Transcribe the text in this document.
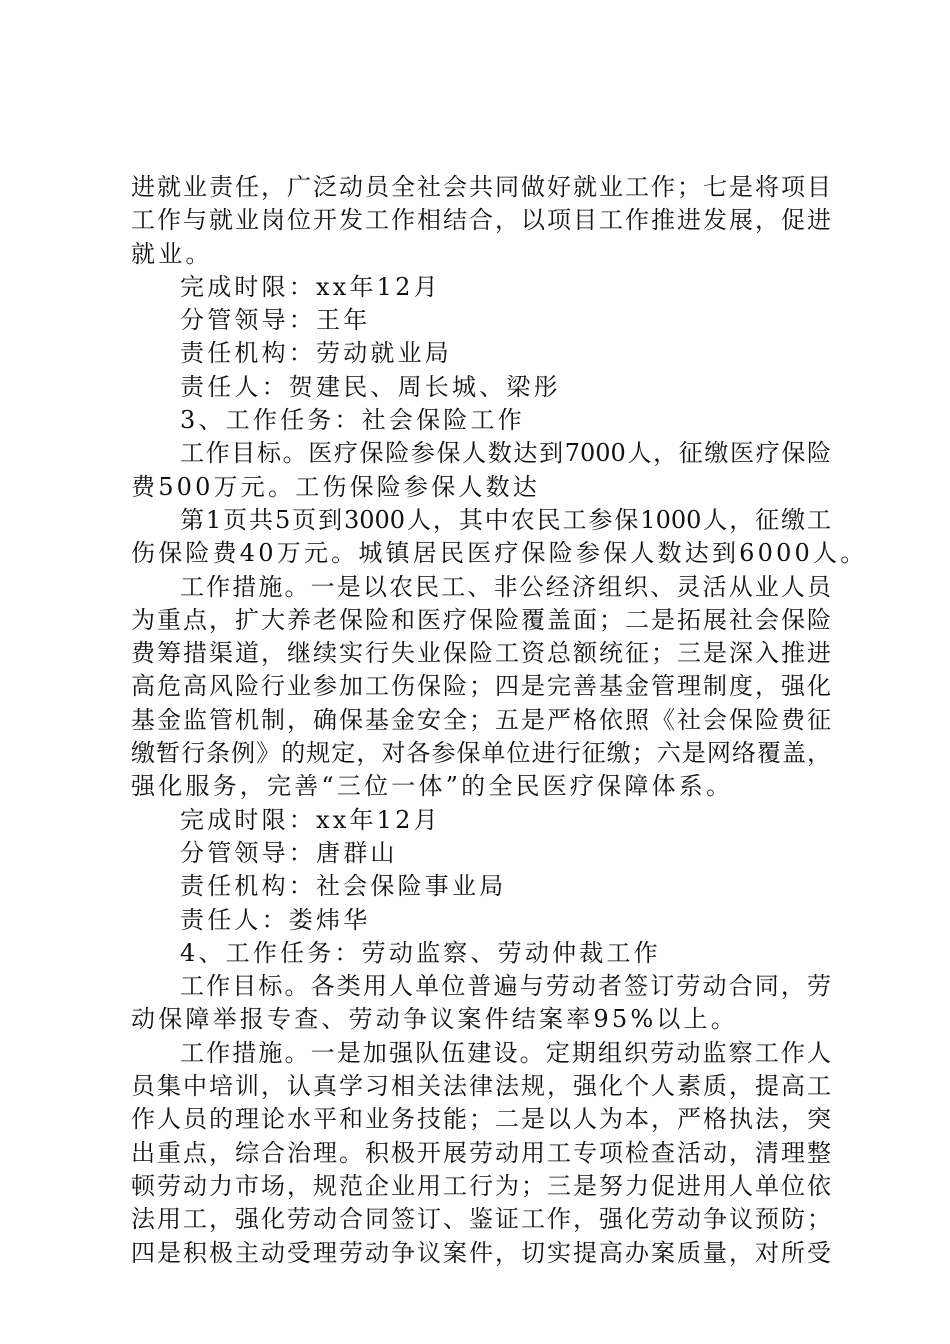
进就业责任，广泛动员全社会共同做好就业工作；七是将项目
工作与就业岗位开发工作相结合，以项目工作推进发展，促进
就业。
完成时限：xx年12月
分管领导：王年
责任机构：劳动就业局
责任人：贺建民、周长城、梁彤
3、工作任务：社会保险工作
工作目标。医疗保险参保人数达到7000人，征缴医疗保险
费500万元。工伤保险参保人数达
第1页共5页到3000人，其中农民工参保1000人，征缴工
伤保险费40万元。城镇居民医疗保险参保人数达到6000人。
工作措施。一是以农民工、非公经济组织、灵活从业人员
为重点，扩大养老保险和医疗保险覆盖面；二是拓展社会保险
费筹措渠道，继续实行失业保险工资总额统征；三是深入推进
高危高风险行业参加工伤保险；四是完善基金管理制度，强化
基金监管机制，确保基金安全；五是严格依照《社会保险费征
缴暂行条例》的规定，对各参保单位进行征缴；六是网络覆盖，
强化服务，完善“三位一体”的全民医疗保障体系。
完成时限：xx年12月
分管领导：唐群山
责任机构：社会保险事业局
责任人：娄炜华
4、工作任务：劳动监察、劳动仲裁工作
工作目标。各类用人单位普遍与劳动者签订劳动合同，劳
动保障举报专查、劳动争议案件结案率95%以上。
工作措施。一是加强队伍建设。定期组织劳动监察工作人
员集中培训，认真学习相关法律法规，强化个人素质，提高工
作人员的理论水平和业务技能；二是以人为本，严格执法，突
出重点，综合治理。积极开展劳动用工专项检查活动，清理整
顿劳动力市场，规范企业用工行为；三是努力促进用人单位依
法用工，强化劳动合同签订、鉴证工作，强化劳动争议预防；
四是积极主动受理劳动争议案件，切实提高办案质量，对所受
